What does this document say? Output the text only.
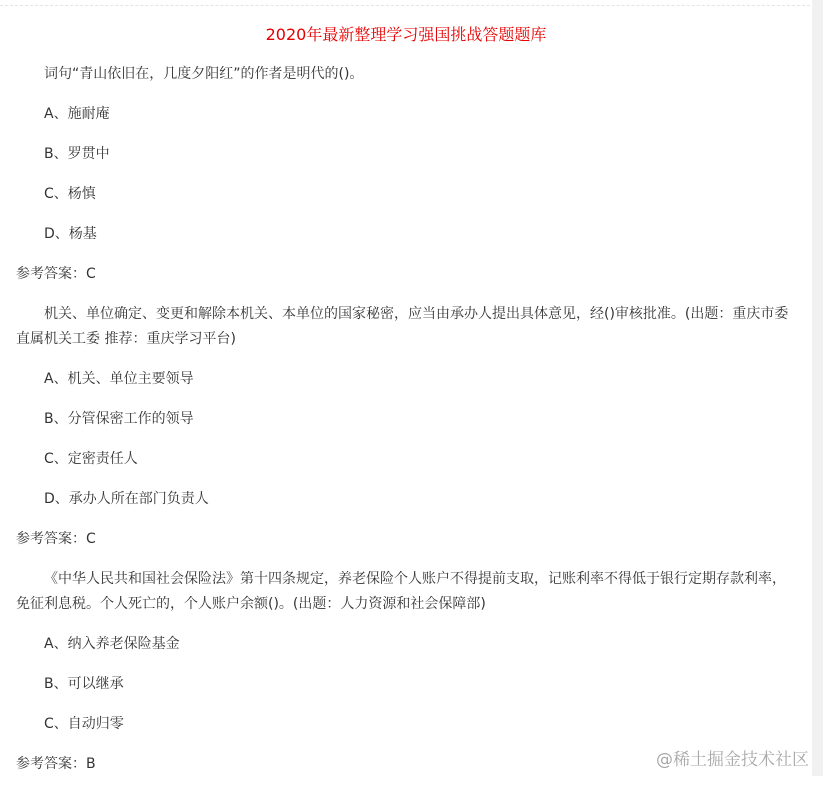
2020年最新整理学习强国挑战答题题库

词句“青山依旧在，几度夕阳红”的作者是明代的()。

A、施耐庵

B、罗贯中

C、杨慎

D、杨基

参考答案：C

机关、单位确定、变更和解除本机关、本单位的国家秘密，应当由承办人提出具体意见，经()审核批准。(出题：重庆市委直属机关工委 推荐：重庆学习平台)

A、机关、单位主要领导

B、分管保密工作的领导

C、定密责任人

D、承办人所在部门负责人

参考答案：C

《中华人民共和国社会保险法》第十四条规定，养老保险个人账户不得提前支取，记账利率不得低于银行定期存款利率，免征利息税。个人死亡的，个人账户余额()。(出题：人力资源和社会保障部)

A、纳入养老保险基金

B、可以继承

C、自动归零

参考答案：B	@稀土掘金技术社区
